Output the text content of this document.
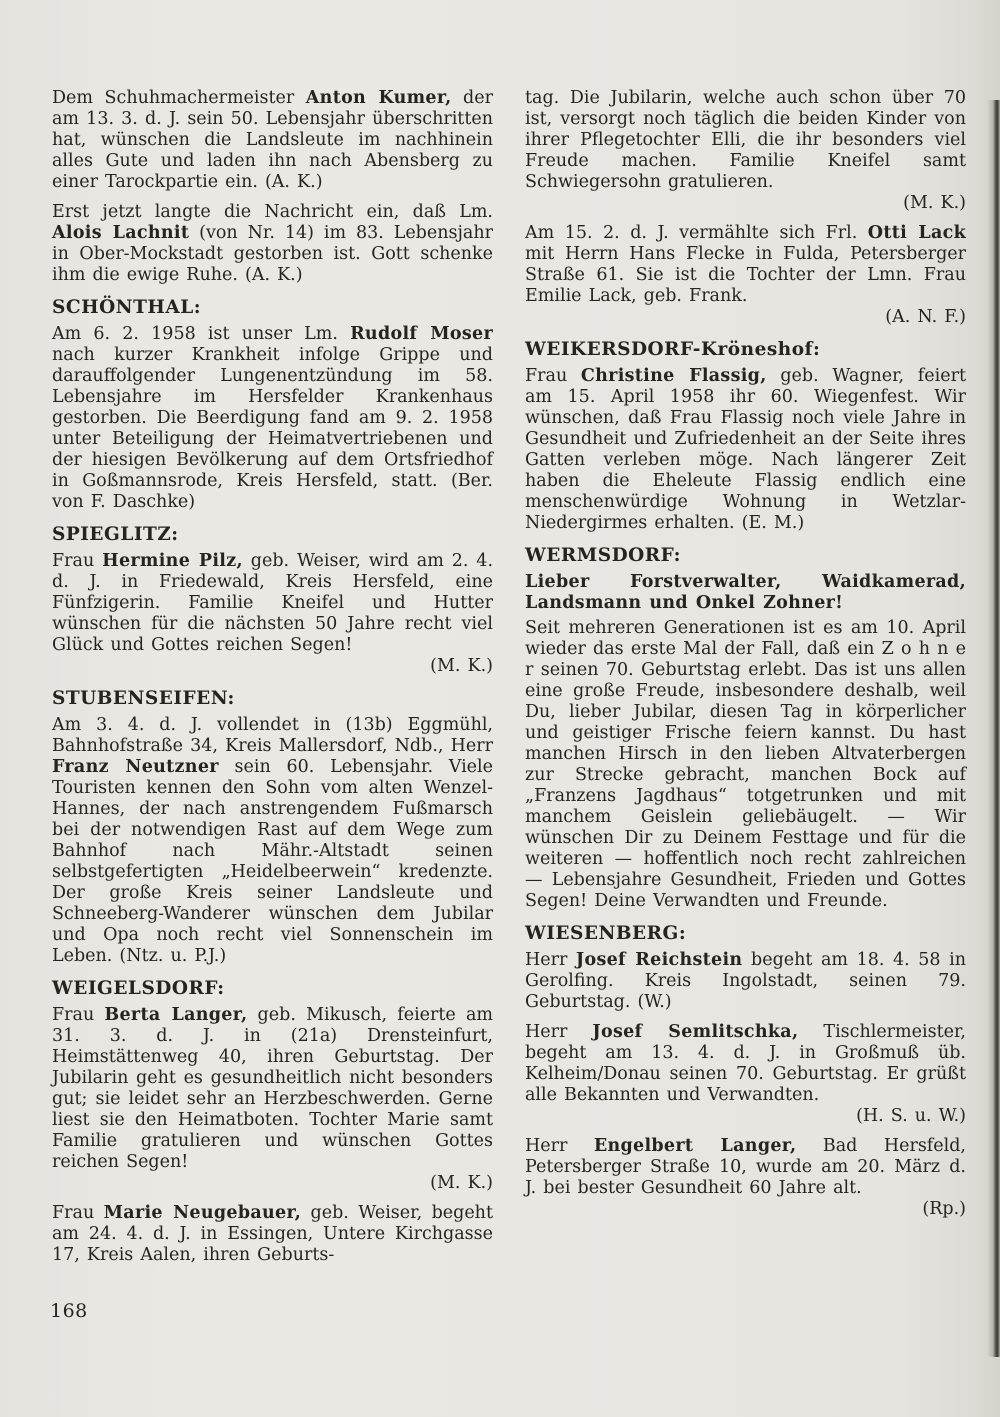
Dem Schuhmachermeister Anton Kumer, der am 13. 3. d. J. sein 50. Lebensjahr überschritten hat, wünschen die Landsleute im nachhinein alles Gute und laden ihn nach Abensberg zu einer Tarockpartie ein. (A. K.)

Erst jetzt langte die Nachricht ein, daß Lm. Alois Lachnit (von Nr. 14) im 83. Lebensjahr in Ober-Mockstadt gestorben ist. Gott schenke ihm die ewige Ruhe. (A. K.)

SCHÖNTHAL:

Am 6. 2. 1958 ist unser Lm. Rudolf Moser nach kurzer Krankheit infolge Grippe und darauffolgender Lungenentzündung im 58. Lebensjahre im Hersfelder Krankenhaus gestorben. Die Beerdigung fand am 9. 2. 1958 unter Beteiligung der Heimatvertriebenen und der hiesigen Bevölkerung auf dem Ortsfriedhof in Goßmannsrode, Kreis Hersfeld, statt. (Ber. von F. Daschke)

SPIEGLITZ:

Frau Hermine Pilz, geb. Weiser, wird am 2. 4. d. J. in Friedewald, Kreis Hersfeld, eine Fünfzigerin. Familie Kneifel und Hutter wünschen für die nächsten 50 Jahre recht viel Glück und Gottes reichen Segen!
(M. K.)

STUBENSEIFEN:

Am 3. 4. d. J. vollendet in (13b) Eggmühl, Bahnhofstraße 34, Kreis Mallersdorf, Ndb., Herr Franz Neutzner sein 60. Lebensjahr. Viele Touristen kennen den Sohn vom alten Wenzel-Hannes, der nach anstrengendem Fußmarsch bei der notwendigen Rast auf dem Wege zum Bahnhof nach Mähr.-Altstadt seinen selbstgefertigten „Heidelbeerwein“ kredenzte. Der große Kreis seiner Landsleute und Schneeberg-Wanderer wünschen dem Jubilar und Opa noch recht viel Sonnenschein im Leben. (Ntz. u. P.J.)

WEIGELSDORF:

Frau Berta Langer, geb. Mikusch, feierte am 31. 3. d. J. in (21a) Drensteinfurt, Heimstättenweg 40, ihren Geburtstag. Der Jubilarin geht es gesundheitlich nicht besonders gut; sie leidet sehr an Herzbeschwerden. Gerne liest sie den Heimatboten. Tochter Marie samt Familie gratulieren und wünschen Gottes reichen Segen!
(M. K.)

Frau Marie Neugebauer, geb. Weiser, begeht am 24. 4. d. J. in Essingen, Untere Kirchgasse 17, Kreis Aalen, ihren Geburts-

tag. Die Jubilarin, welche auch schon über 70 ist, versorgt noch täglich die beiden Kinder von ihrer Pflegetochter Elli, die ihr besonders viel Freude machen. Familie Kneifel samt Schwiegersohn gratulieren.
(M. K.)

Am 15. 2. d. J. vermählte sich Frl. Otti Lack mit Herrn Hans Flecke in Fulda, Petersberger Straße 61. Sie ist die Tochter der Lmn. Frau Emilie Lack, geb. Frank.
(A. N. F.)

WEIKERSDORF-Kröneshof:

Frau Christine Flassig, geb. Wagner, feiert am 15. April 1958 ihr 60. Wiegenfest. Wir wünschen, daß Frau Flassig noch viele Jahre in Gesundheit und Zufriedenheit an der Seite ihres Gatten verleben möge. Nach längerer Zeit haben die Eheleute Flassig endlich eine menschenwürdige Wohnung in Wetzlar-Niedergirmes erhalten. (E. M.)

WERMSDORF:

Lieber Forstverwalter, Waidkamerad, Landsmann und Onkel Zohner!

Seit mehreren Generationen ist es am 10. April wieder das erste Mal der Fall, daß ein Z o h n e r seinen 70. Geburtstag erlebt. Das ist uns allen eine große Freude, insbesondere deshalb, weil Du, lieber Jubilar, diesen Tag in körperlicher und geistiger Frische feiern kannst. Du hast manchen Hirsch in den lieben Altvaterbergen zur Strecke gebracht, manchen Bock auf „Franzens Jagdhaus“ totgetrunken und mit manchem Geislein geliebäugelt. — Wir wünschen Dir zu Deinem Festtage und für die weiteren — hoffentlich noch recht zahlreichen — Lebensjahre Gesundheit, Frieden und Gottes Segen! Deine Verwandten und Freunde.

WIESENBERG:

Herr Josef Reichstein begeht am 18. 4. 58 in Gerolfing. Kreis Ingolstadt, seinen 79. Geburtstag. (W.)

Herr Josef Semlitschka, Tischlermeister, begeht am 13. 4. d. J. in Großmuß üb. Kelheim/Donau seinen 70. Geburtstag. Er grüßt alle Bekannten und Verwandten.
(H. S. u. W.)

Herr Engelbert Langer, Bad Hersfeld, Petersberger Straße 10, wurde am 20. März d. J. bei bester Gesundheit 60 Jahre alt.
(Rp.)

168
